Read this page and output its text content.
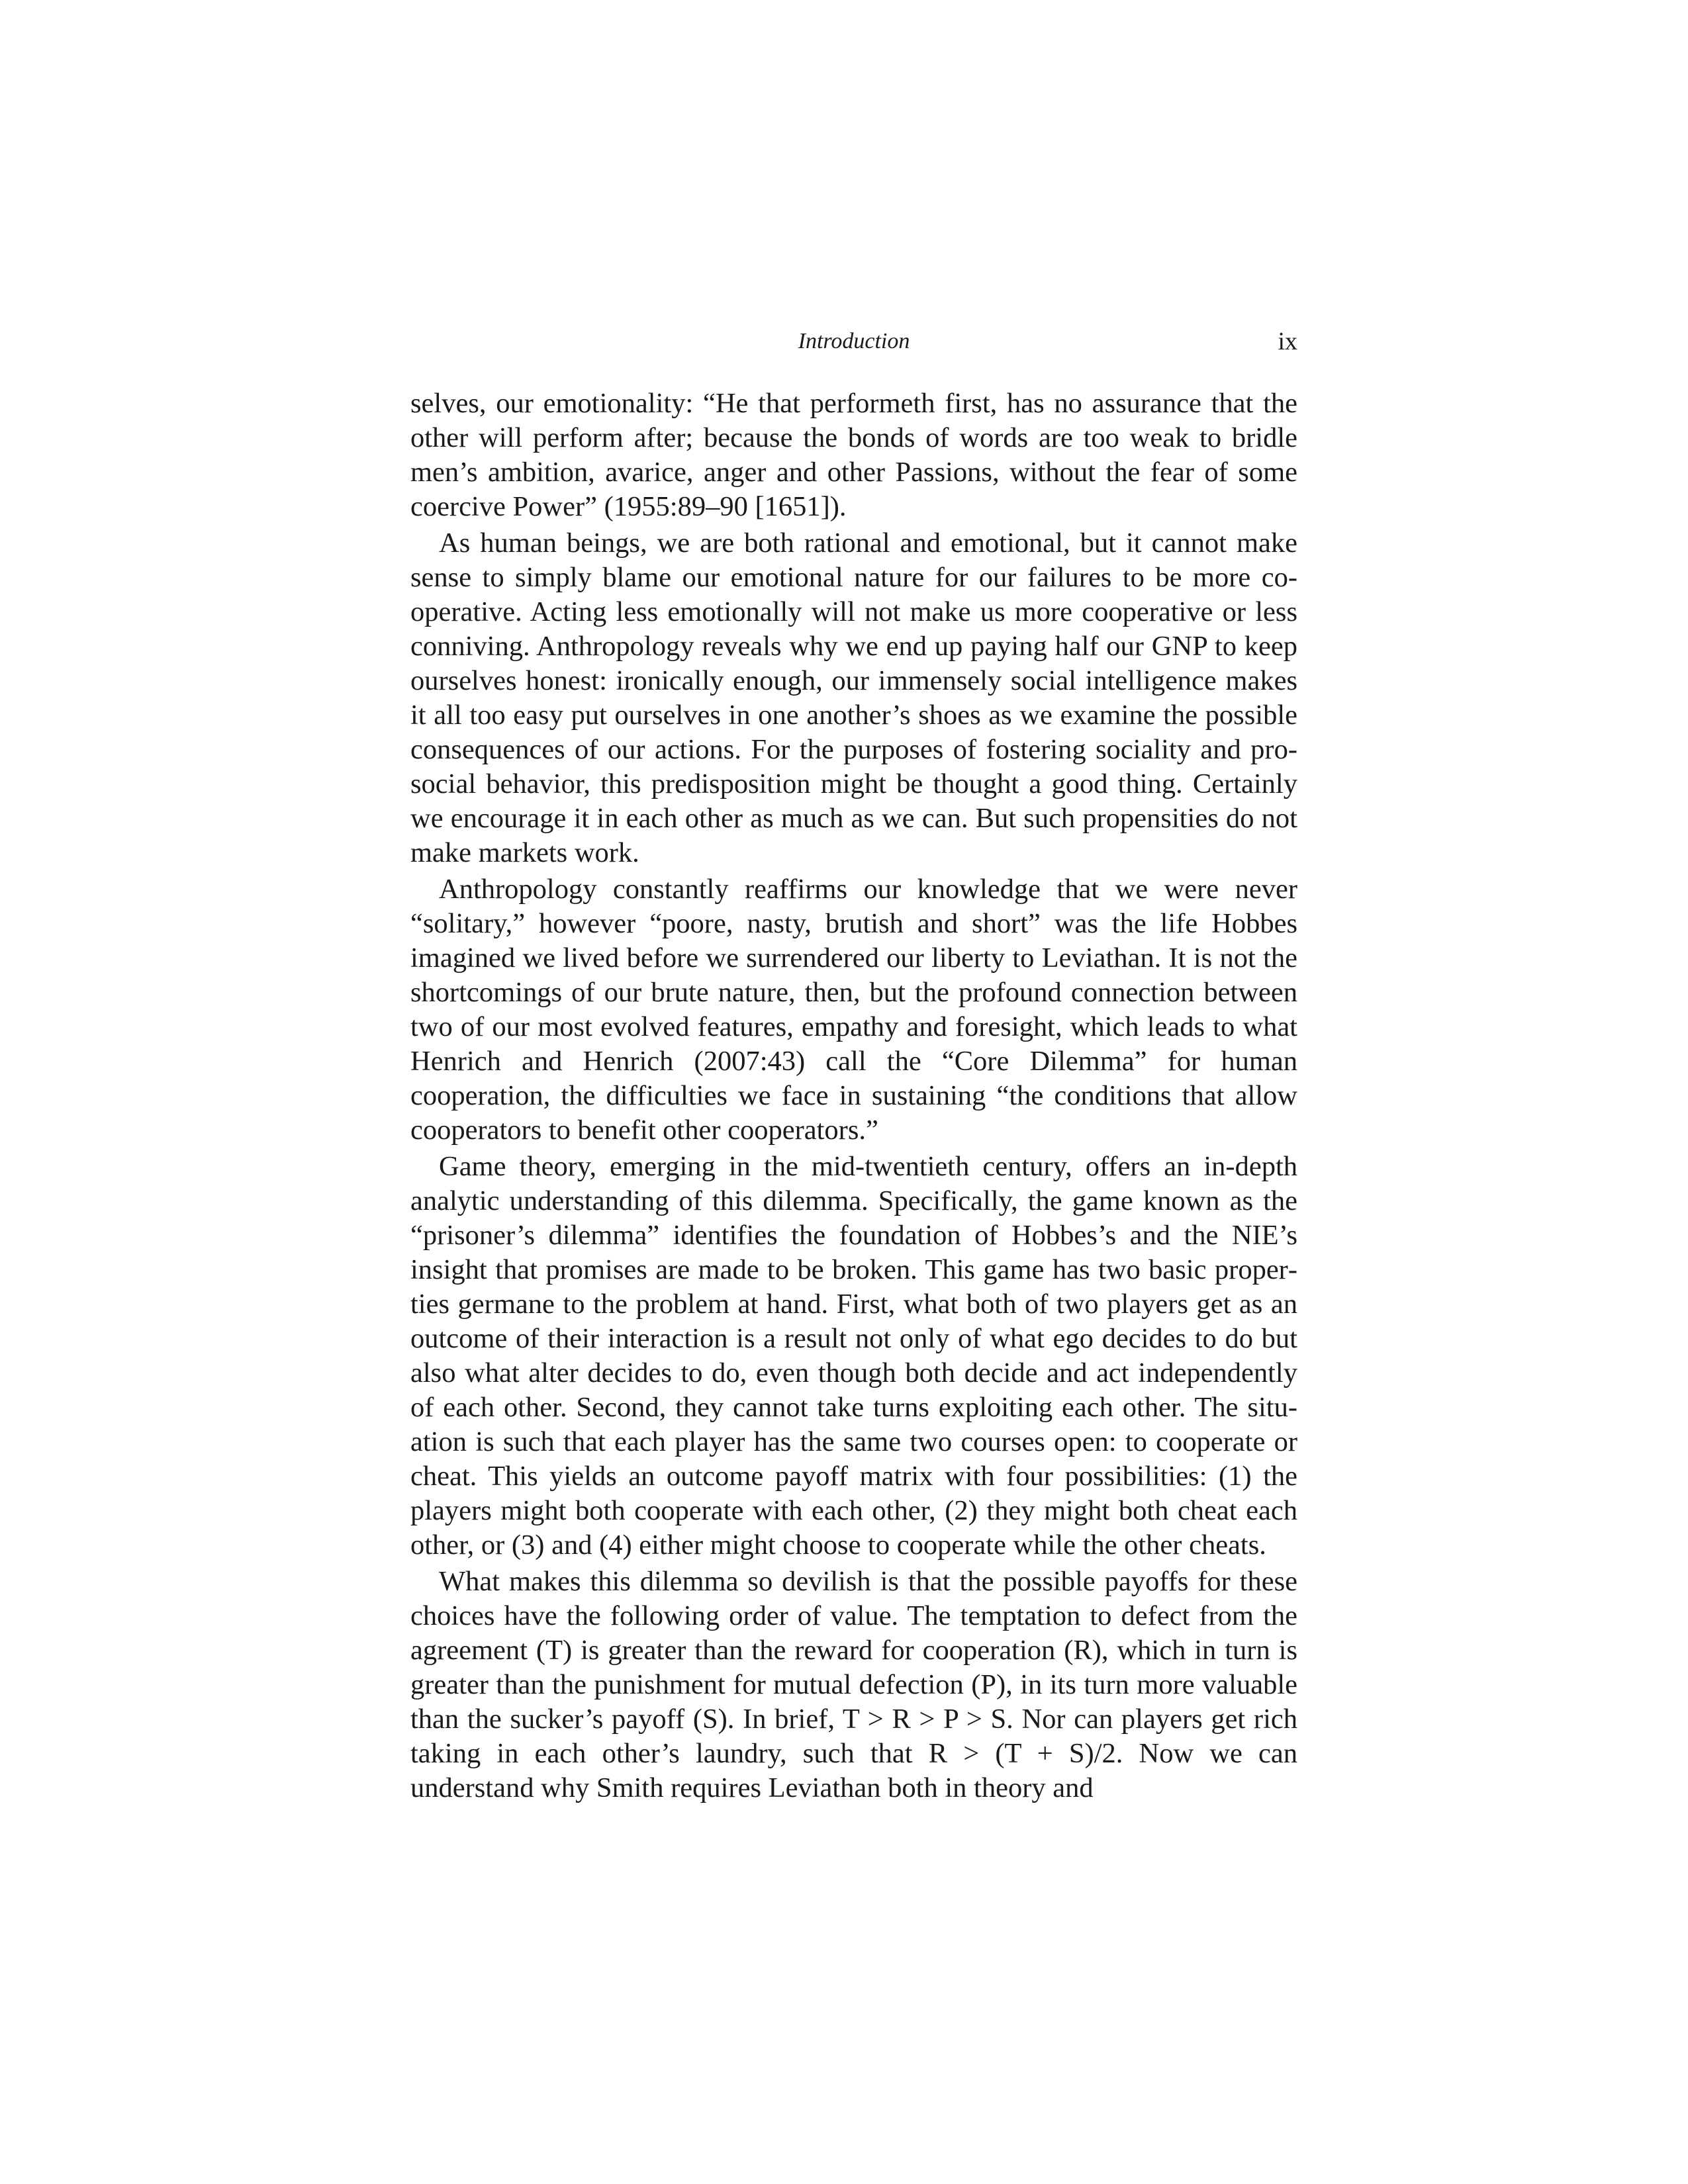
Introduction	ix

selves, our emotionality: “He that performeth first, has no assurance that the other will perform after; because the bonds of words are too weak to bridle men’s ambition, avarice, anger and other Passions, without the fear of some coercive Power” (1955:89–90 [1651]).

As human beings, we are both rational and emotional, but it cannot make sense to simply blame our emotional nature for our failures to be more cooperative. Acting less emotionally will not make us more cooperative or less conniving. Anthropology reveals why we end up paying half our GNP to keep ourselves honest: ironically enough, our immensely social intelligence makes it all too easy put ourselves in one another’s shoes as we examine the possible consequences of our actions. For the purposes of fostering sociality and prosocial behavior, this predisposition might be thought a good thing. Certainly we encourage it in each other as much as we can. But such propensities do not make markets work.

Anthropology constantly reaffirms our knowledge that we were never “solitary,” however “poore, nasty, brutish and short” was the life Hobbes imagined we lived before we surrendered our liberty to Leviathan. It is not the shortcomings of our brute nature, then, but the profound connection between two of our most evolved features, empathy and foresight, which leads to what Henrich and Henrich (2007:43) call the “Core Dilemma” for human cooperation, the difficulties we face in sustaining “the conditions that allow cooperators to benefit other cooperators.”

Game theory, emerging in the mid-twentieth century, offers an in-depth analytic understanding of this dilemma. Specifically, the game known as the “prisoner’s dilemma” identifies the foundation of Hobbes’s and the NIE’s insight that promises are made to be broken. This game has two basic properties germane to the problem at hand. First, what both of two players get as an outcome of their interaction is a result not only of what ego decides to do but also what alter decides to do, even though both decide and act independently of each other. Second, they cannot take turns exploiting each other. The situation is such that each player has the same two courses open: to cooperate or cheat. This yields an outcome payoff matrix with four possibilities: (1) the players might both cooperate with each other, (2) they might both cheat each other, or (3) and (4) either might choose to cooperate while the other cheats.

What makes this dilemma so devilish is that the possible payoffs for these choices have the following order of value. The temptation to defect from the agreement (T) is greater than the reward for cooperation (R), which in turn is greater than the punishment for mutual defection (P), in its turn more valuable than the sucker’s payoff (S). In brief, T > R > P > S. Nor can players get rich taking in each other’s laundry, such that R > (T + S)/2. Now we can understand why Smith requires Leviathan both in theory and
